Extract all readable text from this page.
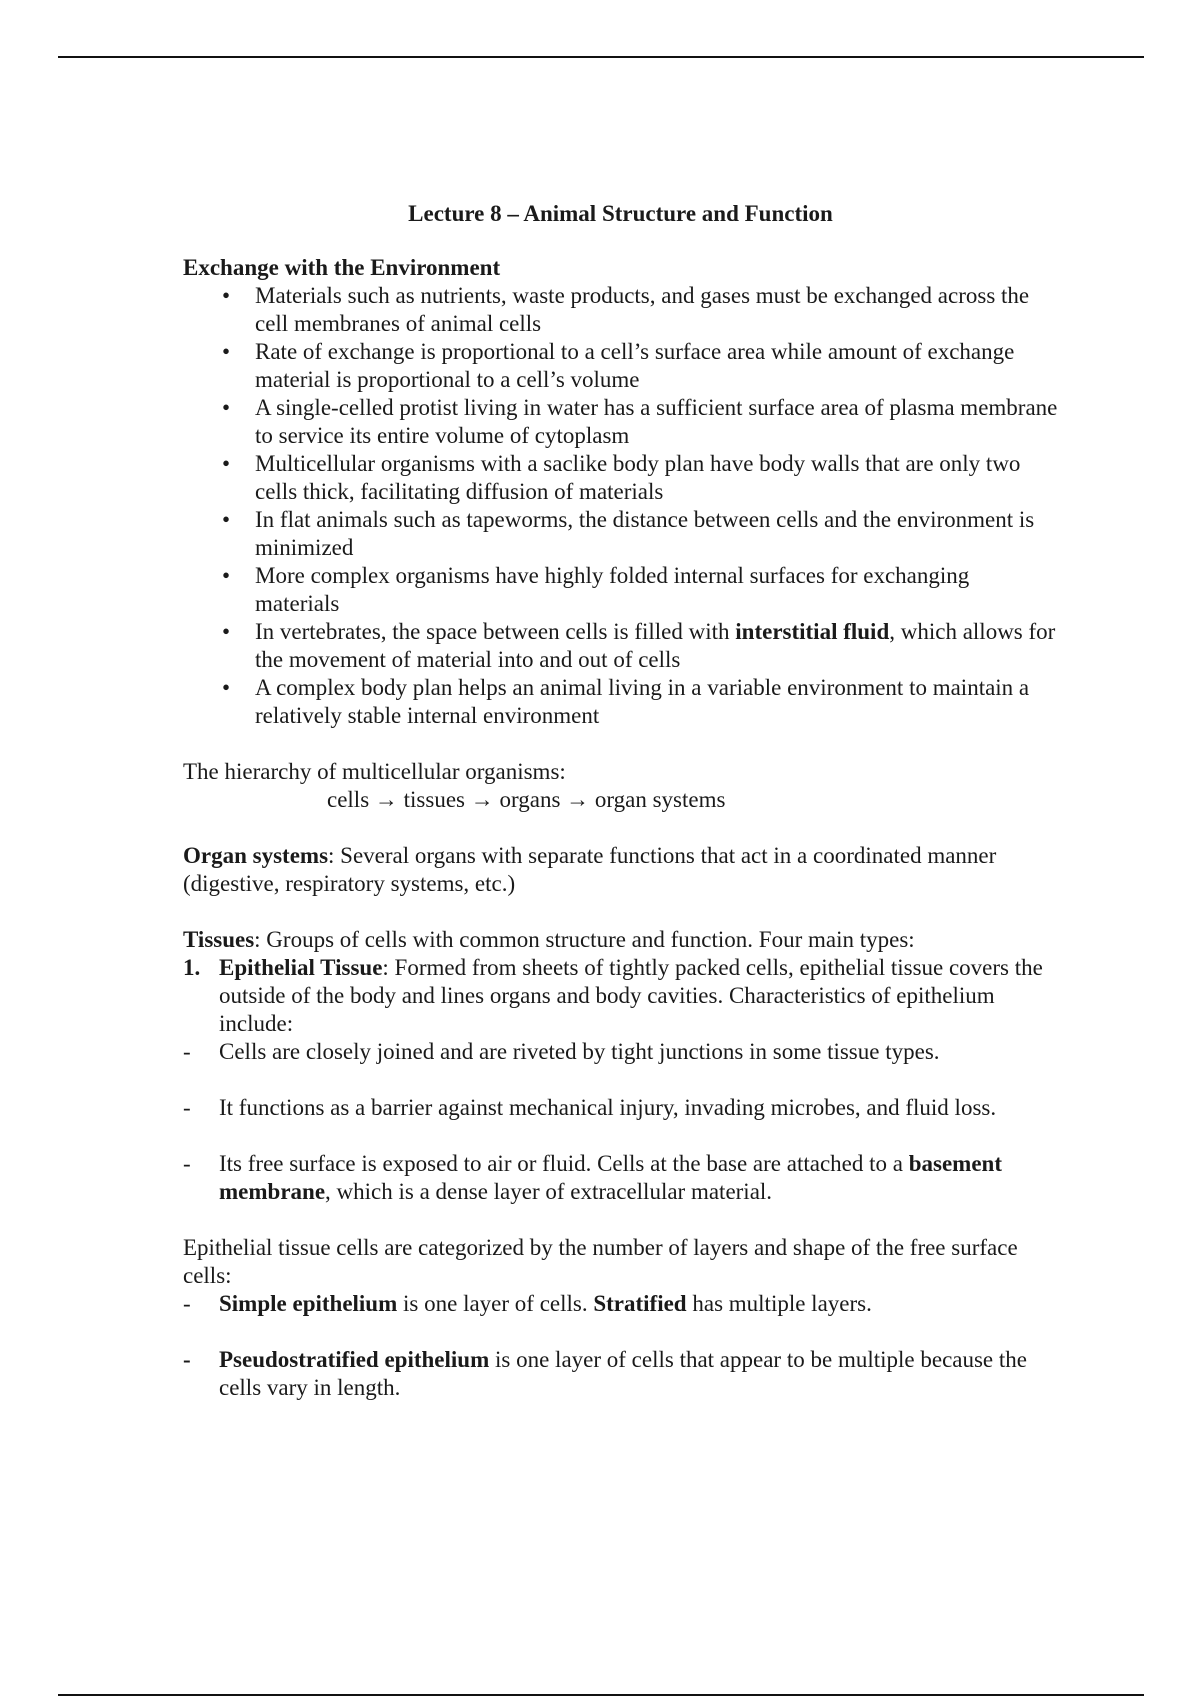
Lecture 8 – Animal Structure and Function

Exchange with the Environment

• Materials such as nutrients, waste products, and gases must be exchanged across the cell membranes of animal cells
• Rate of exchange is proportional to a cell’s surface area while amount of exchange material is proportional to a cell’s volume
• A single-celled protist living in water has a sufficient surface area of plasma membrane to service its entire volume of cytoplasm
• Multicellular organisms with a saclike body plan have body walls that are only two cells thick, facilitating diffusion of materials
• In flat animals such as tapeworms, the distance between cells and the environment is minimized
• More complex organisms have highly folded internal surfaces for exchanging materials
• In vertebrates, the space between cells is filled with interstitial fluid, which allows for the movement of material into and out of cells
• A complex body plan helps an animal living in a variable environment to maintain a relatively stable internal environment

The hierarchy of multicellular organisms:

cells → tissues → organs → organ systems

Organ systems: Several organs with separate functions that act in a coordinated manner (digestive, respiratory systems, etc.)

Tissues: Groups of cells with common structure and function. Four main types:

1. Epithelial Tissue: Formed from sheets of tightly packed cells, epithelial tissue covers the outside of the body and lines organs and body cavities. Characteristics of epithelium include:

- Cells are closely joined and are riveted by tight junctions in some tissue types.

- It functions as a barrier against mechanical injury, invading microbes, and fluid loss.

- Its free surface is exposed to air or fluid. Cells at the base are attached to a basement membrane, which is a dense layer of extracellular material.

Epithelial tissue cells are categorized by the number of layers and shape of the free surface cells:

- Simple epithelium is one layer of cells. Stratified has multiple layers.

- Pseudostratified epithelium is one layer of cells that appear to be multiple because the cells vary in length.
